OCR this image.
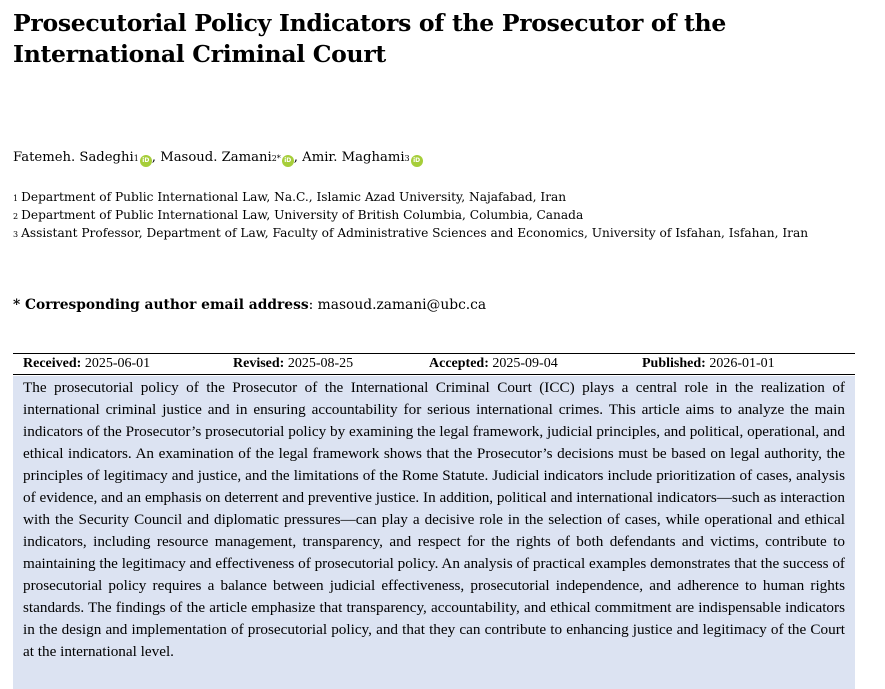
Prosecutorial Policy Indicators of the Prosecutor of the International Criminal Court
Fatemeh. Sadeghi$^1$ iD , Masoud. Zamani$^{2*}$ iD , Amir. Maghami$^3$ iD
$^1$ Department of Public International Law, Na.C., Islamic Azad University, Najafabad, Iran
$^2$ Department of Public International Law, University of British Columbia, Columbia, Canada
$^3$ Assistant Professor, Department of Law, Faculty of Administrative Sciences and Economics, University of Isfahan, Isfahan, Iran
* Corresponding author email address: masoud.zamani@ubc.ca
Received: 2025-06-01	Revised: 2025-08-25	Accepted: 2025-09-04	Published: 2026-01-01
The prosecutorial policy of the Prosecutor of the International Criminal Court (ICC) plays a central role in the realization of international criminal justice and in ensuring accountability for serious international crimes. This article aims to analyze the main indicators of the Prosecutor’s prosecutorial policy by examining the legal framework, judicial principles, and political, operational, and ethical indicators. An examination of the legal framework shows that the Prosecutor’s decisions must be based on legal authority, the principles of legitimacy and justice, and the limitations of the Rome Statute. Judicial indicators include prioritization of cases, analysis of evidence, and an emphasis on deterrent and preventive justice. In addition, political and international indicators—such as interaction with the Security Council and diplomatic pressures—can play a decisive role in the selection of cases, while operational and ethical indicators, including resource management, transparency, and respect for the rights of both defendants and victims, contribute to maintaining the legitimacy and effectiveness of prosecutorial policy. An analysis of practical examples demonstrates that the success of prosecutorial policy requires a balance between judicial effectiveness, prosecutorial independence, and adherence to human rights standards. The findings of the article emphasize that transparency, accountability, and ethical commitment are indispensable indicators in the design and implementation of prosecutorial policy, and that they can contribute to enhancing justice and legitimacy of the Court at the international level.
